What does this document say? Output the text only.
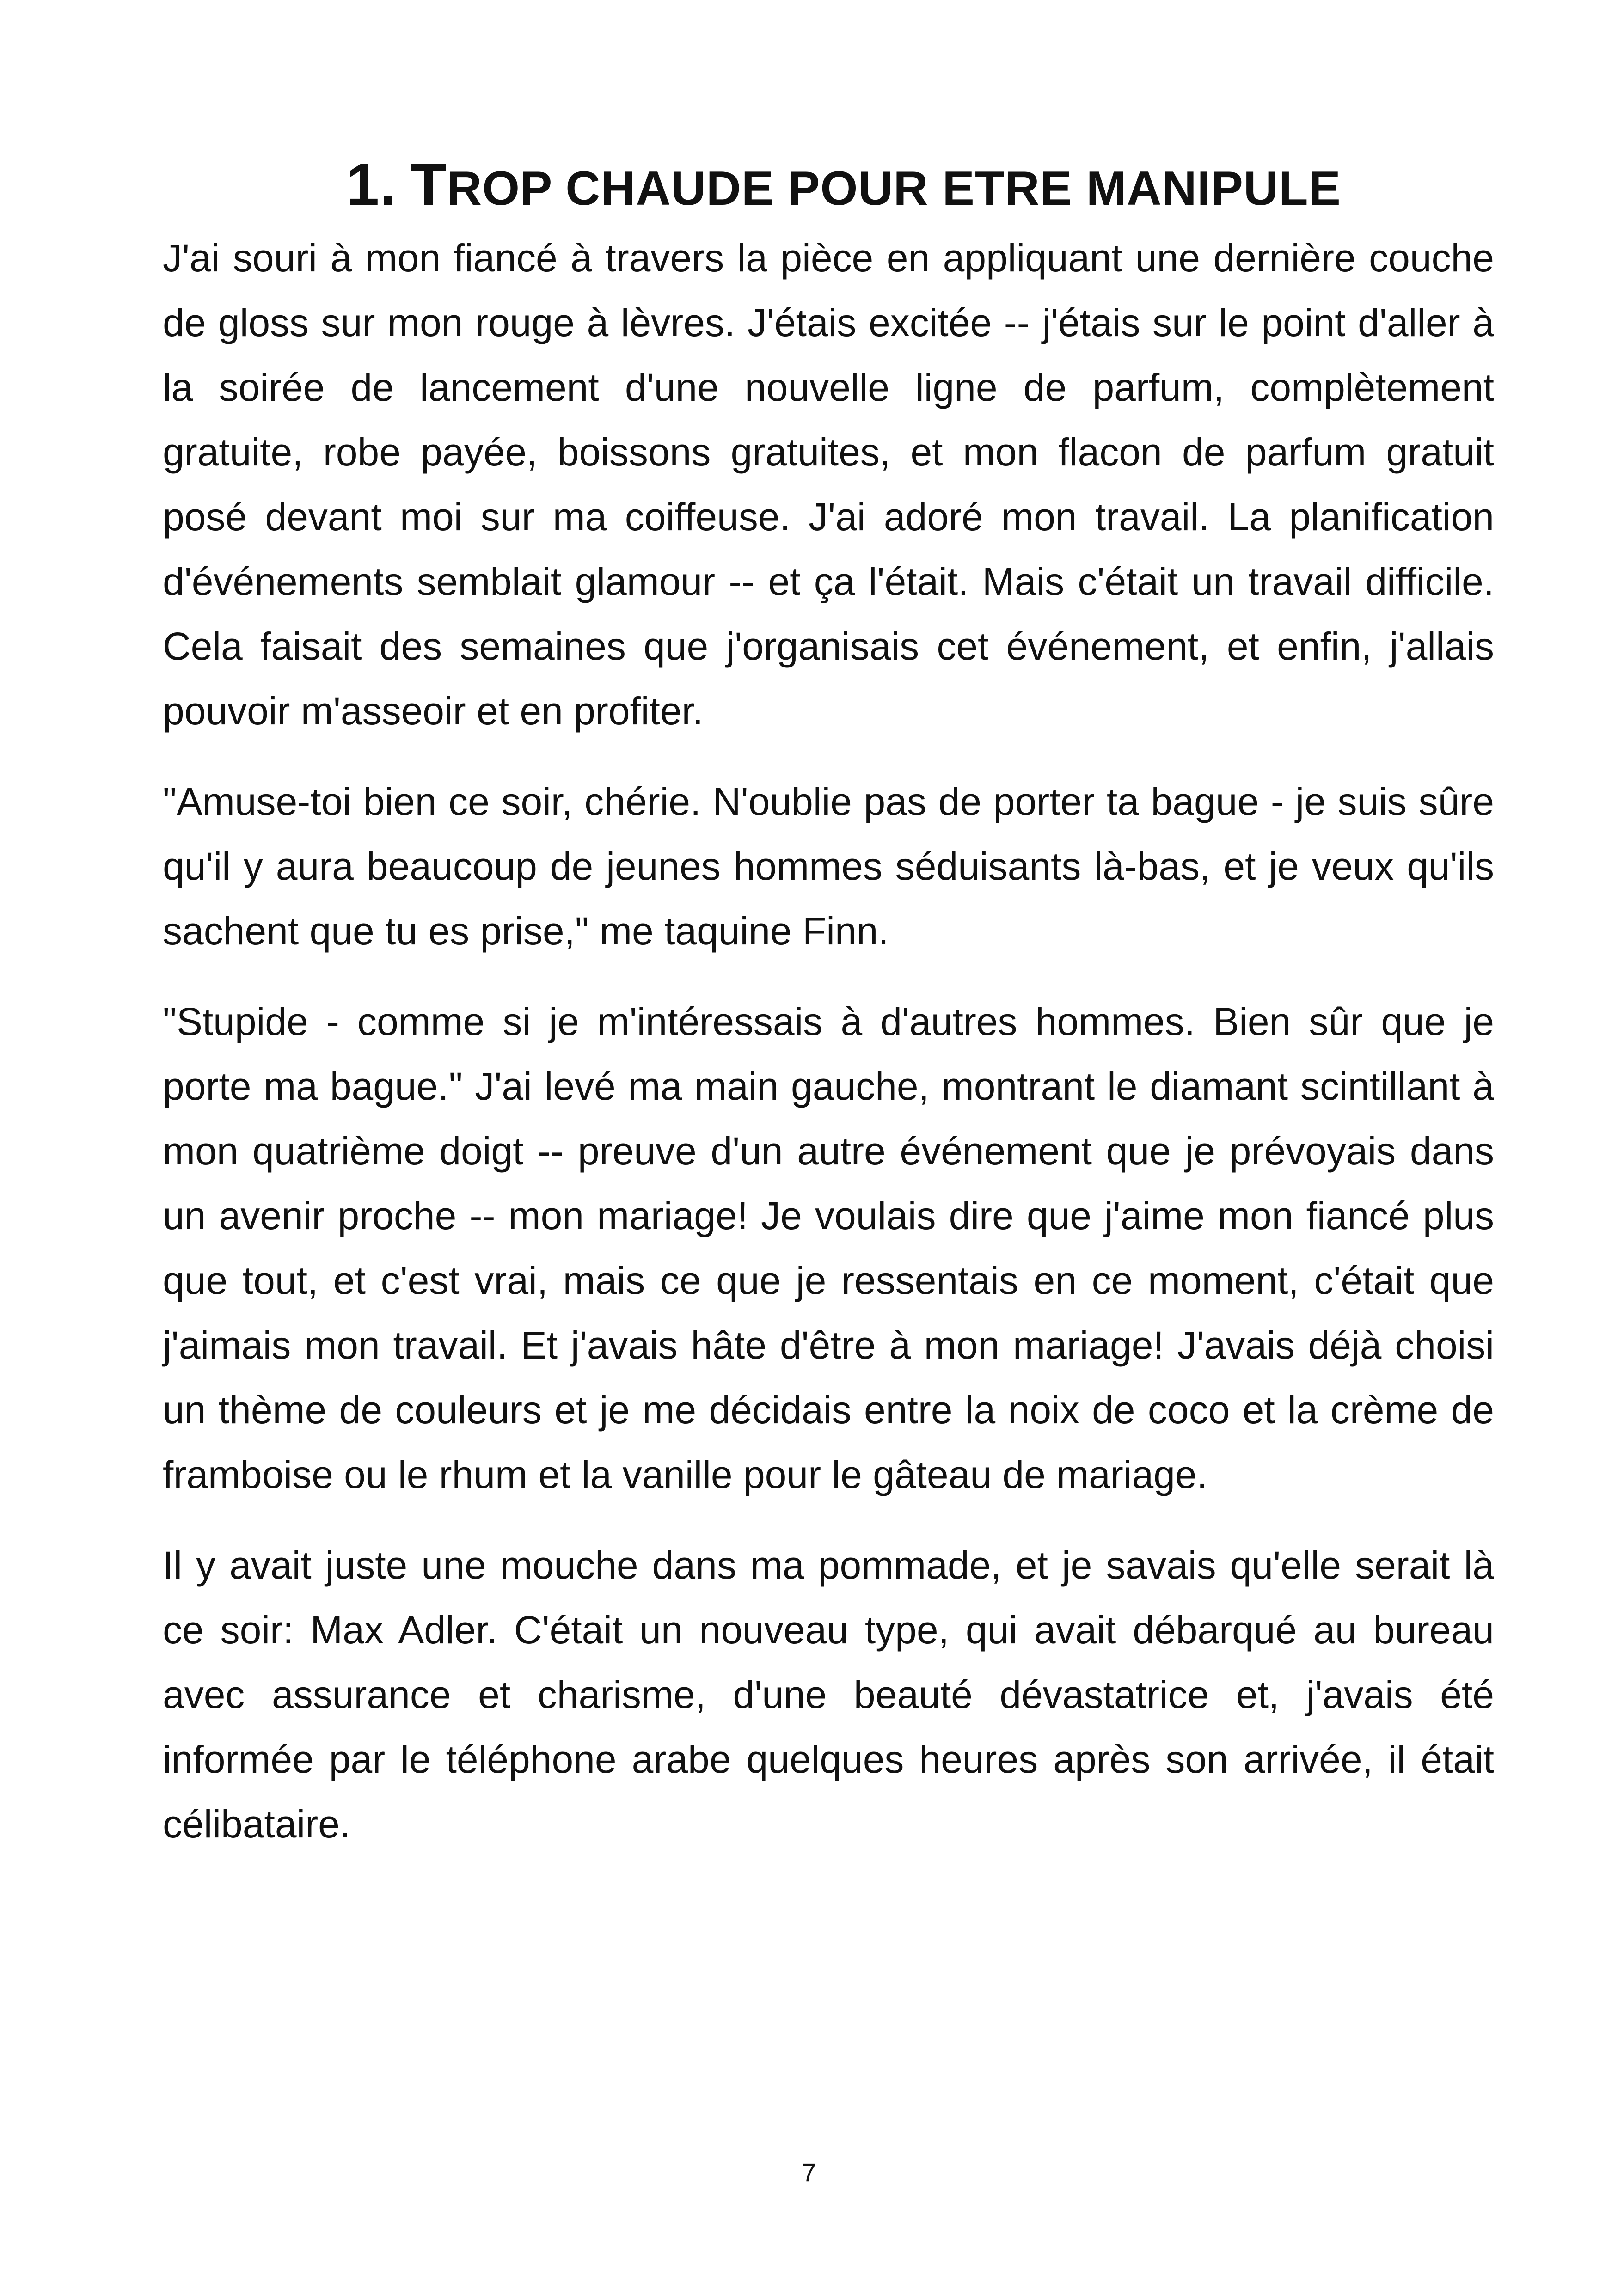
1. TROP CHAUDE POUR ETRE MANIPULE

J'ai souri à mon fiancé à travers la pièce en appliquant une dernière couche de gloss sur mon rouge à lèvres. J'étais excitée -- j'étais sur le point d'aller à la soirée de lancement d'une nouvelle ligne de parfum, complètement gratuite, robe payée, boissons gratuites, et mon flacon de parfum gratuit posé devant moi sur ma coiffeuse. J'ai adoré mon travail. La planification d'événements semblait glamour -- et ça l'était. Mais c'était un travail difficile. Cela faisait des semaines que j'organisais cet événement, et enfin, j'allais pouvoir m'asseoir et en profiter.

"Amuse-toi bien ce soir, chérie. N'oublie pas de porter ta bague - je suis sûre qu'il y aura beaucoup de jeunes hommes séduisants là-bas, et je veux qu'ils sachent que tu es prise," me taquine Finn.

"Stupide - comme si je m'intéressais à d'autres hommes. Bien sûr que je porte ma bague." J'ai levé ma main gauche, montrant le diamant scintillant à mon quatrième doigt -- preuve d'un autre événement que je prévoyais dans un avenir proche -- mon mariage! Je voulais dire que j'aime mon fiancé plus que tout, et c'est vrai, mais ce que je ressentais en ce moment, c'était que j'aimais mon travail. Et j'avais hâte d'être à mon mariage! J'avais déjà choisi un thème de couleurs et je me décidais entre la noix de coco et la crème de framboise ou le rhum et la vanille pour le gâteau de mariage.

Il y avait juste une mouche dans ma pommade, et je savais qu'elle serait là ce soir: Max Adler. C'était un nouveau type, qui avait débarqué au bureau avec assurance et charisme, d'une beauté dévastatrice et, j'avais été informée par le téléphone arabe quelques heures après son arrivée, il était célibataire.

7
